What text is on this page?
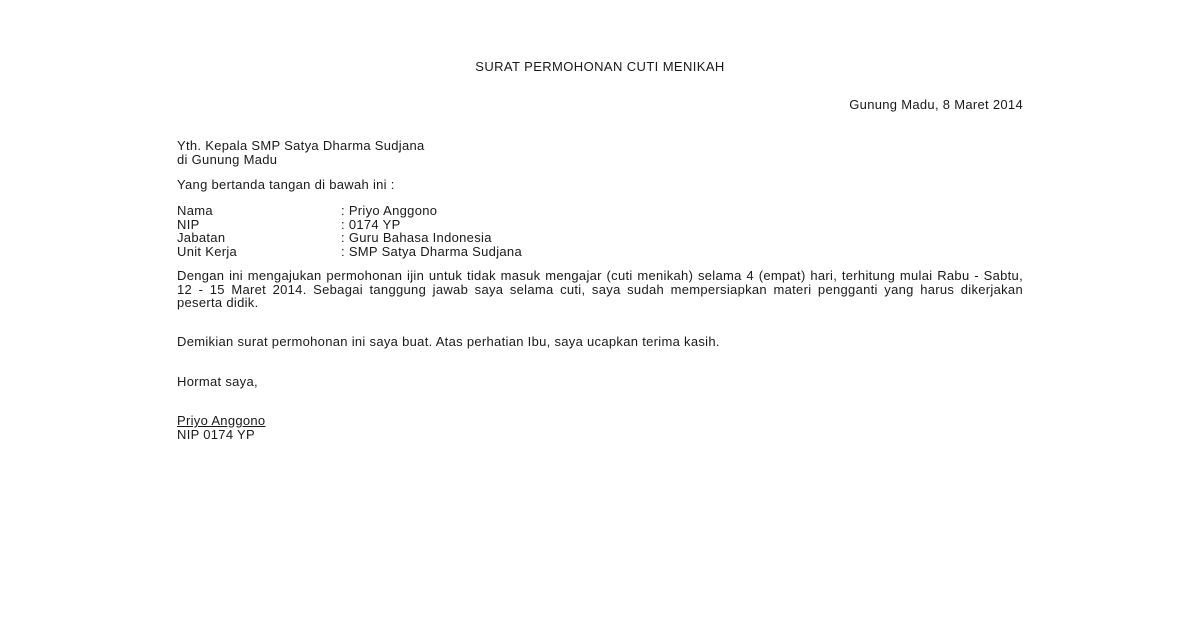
SURAT PERMOHONAN CUTI MENIKAH
Gunung Madu, 8 Maret 2014
Yth. Kepala SMP Satya Dharma Sudjana
di Gunung Madu
Yang bertanda tangan di bawah ini :
Nama	: Priyo Anggono
NIP	: 0174 YP
Jabatan	: Guru Bahasa Indonesia
Unit Kerja	: SMP Satya Dharma Sudjana
Dengan ini mengajukan permohonan ijin untuk tidak masuk mengajar (cuti menikah) selama 4 (empat) hari, terhitung mulai Rabu - Sabtu, 12 - 15 Maret 2014. Sebagai tanggung jawab saya selama cuti, saya sudah mempersiapkan materi pengganti yang harus dikerjakan peserta didik.
Demikian surat permohonan ini saya buat. Atas perhatian Ibu, saya ucapkan terima kasih.
Hormat saya,
Priyo Anggono
NIP 0174 YP
